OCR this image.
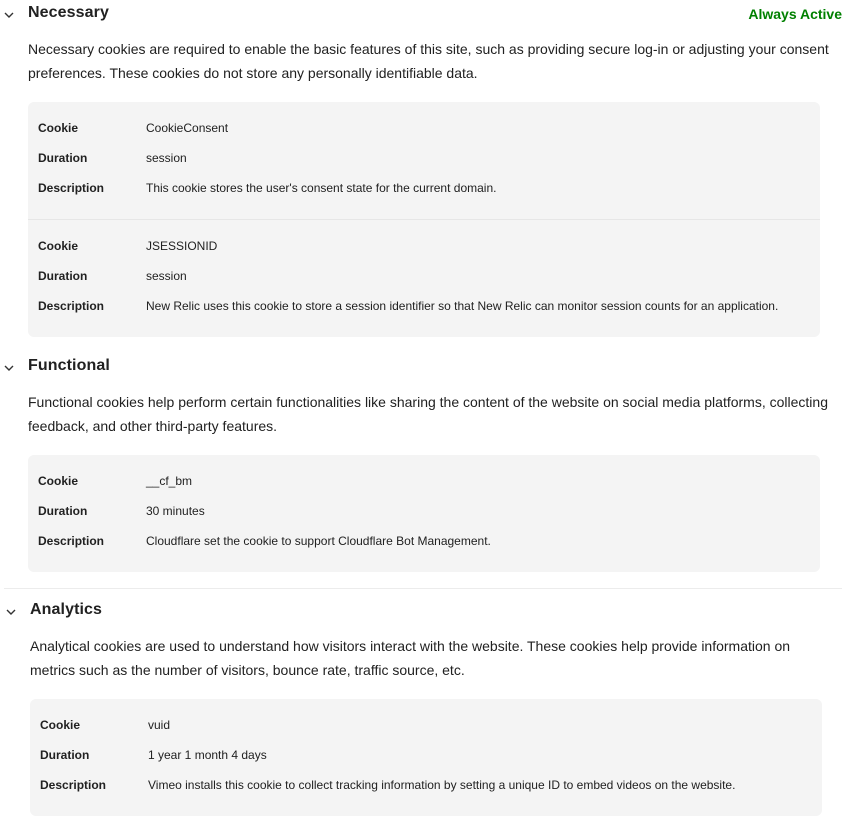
Necessary	Always Active

Necessary cookies are required to enable the basic features of this site, such as providing secure log-in or adjusting your consent preferences. These cookies do not store any personally identifiable data.

Cookie	CookieConsent
Duration	session
Description	This cookie stores the user's consent state for the current domain.
Cookie	JSESSIONID
Duration	session
Description	New Relic uses this cookie to store a session identifier so that New Relic can monitor session counts for an application.
Functional

Functional cookies help perform certain functionalities like sharing the content of the website on social media platforms, collecting feedback, and other third-party features.

Cookie	__cf_bm
Duration	30 minutes
Description	Cloudflare set the cookie to support Cloudflare Bot Management.
Analytics

Analytical cookies are used to understand how visitors interact with the website. These cookies help provide information on metrics such as the number of visitors, bounce rate, traffic source, etc.

Cookie	vuid
Duration	1 year 1 month 4 days
Description	Vimeo installs this cookie to collect tracking information by setting a unique ID to embed videos on the website.
